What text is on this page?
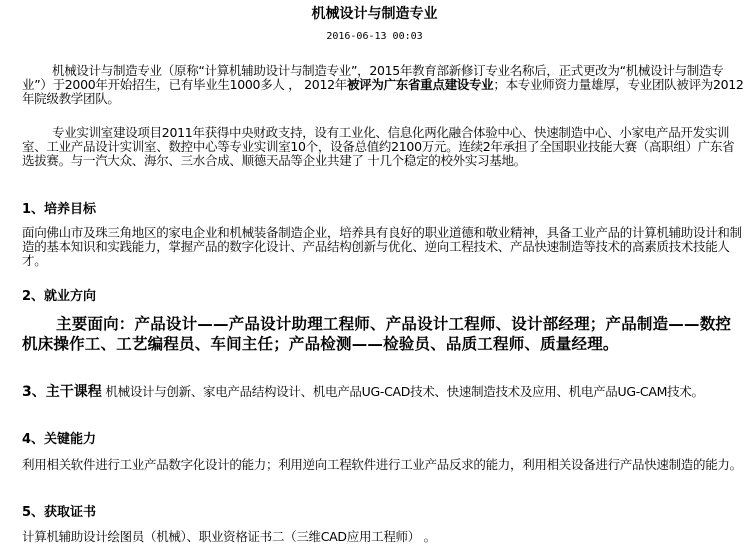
机械设计与制造专业
2016-06-13 00:03
机械设计与制造专业（原称“计算机辅助设计与制造专业”，2015年教育部新修订专业名称后，正式更改为“机械设计与制造专业”）于2000年开始招生，已有毕业生1000多人 ， 2012年被评为广东省重点建设专业；本专业师资力量雄厚，专业团队被评为2012年院级教学团队。
专业实训室建设项目2011年获得中央财政支持，设有工业化、信息化两化融合体验中心、快速制造中心、小家电产品开发实训室、工业产品设计实训室、数控中心等专业实训室10个，设备总值约2100万元。连续2年承担了全国职业技能大赛（高职组）广东省选拔赛。与一汽大众、海尔、三水合成、顺德天品等企业共建了 十几个稳定的校外实习基地。
1、培养目标
面向佛山市及珠三角地区的家电企业和机械装备制造企业，培养具有良好的职业道德和敬业精神，具备工业产品的计算机辅助设计和制造的基本知识和实践能力，掌握产品的数字化设计、产品结构创新与优化、逆向工程技术、产品快速制造等技术的高素质技术技能人才。
2、就业方向
主要面向：产品设计——产品设计助理工程师、产品设计工程师、设计部经理；产品制造——数控机床操作工、工艺编程员、车间主任；产品检测——检验员、品质工程师、质量经理。
3、主干课程 机械设计与创新、家电产品结构设计、机电产品UG-CAD技术、快速制造技术及应用、机电产品UG-CAM技术。
4、关键能力
利用相关软件进行工业产品数字化设计的能力；利用逆向工程软件进行工业产品反求的能力，利用相关设备进行产品快速制造的能力。
5、获取证书
计算机辅助设计绘图员（机械）、职业资格证书二（三维CAD应用工程师） 。
